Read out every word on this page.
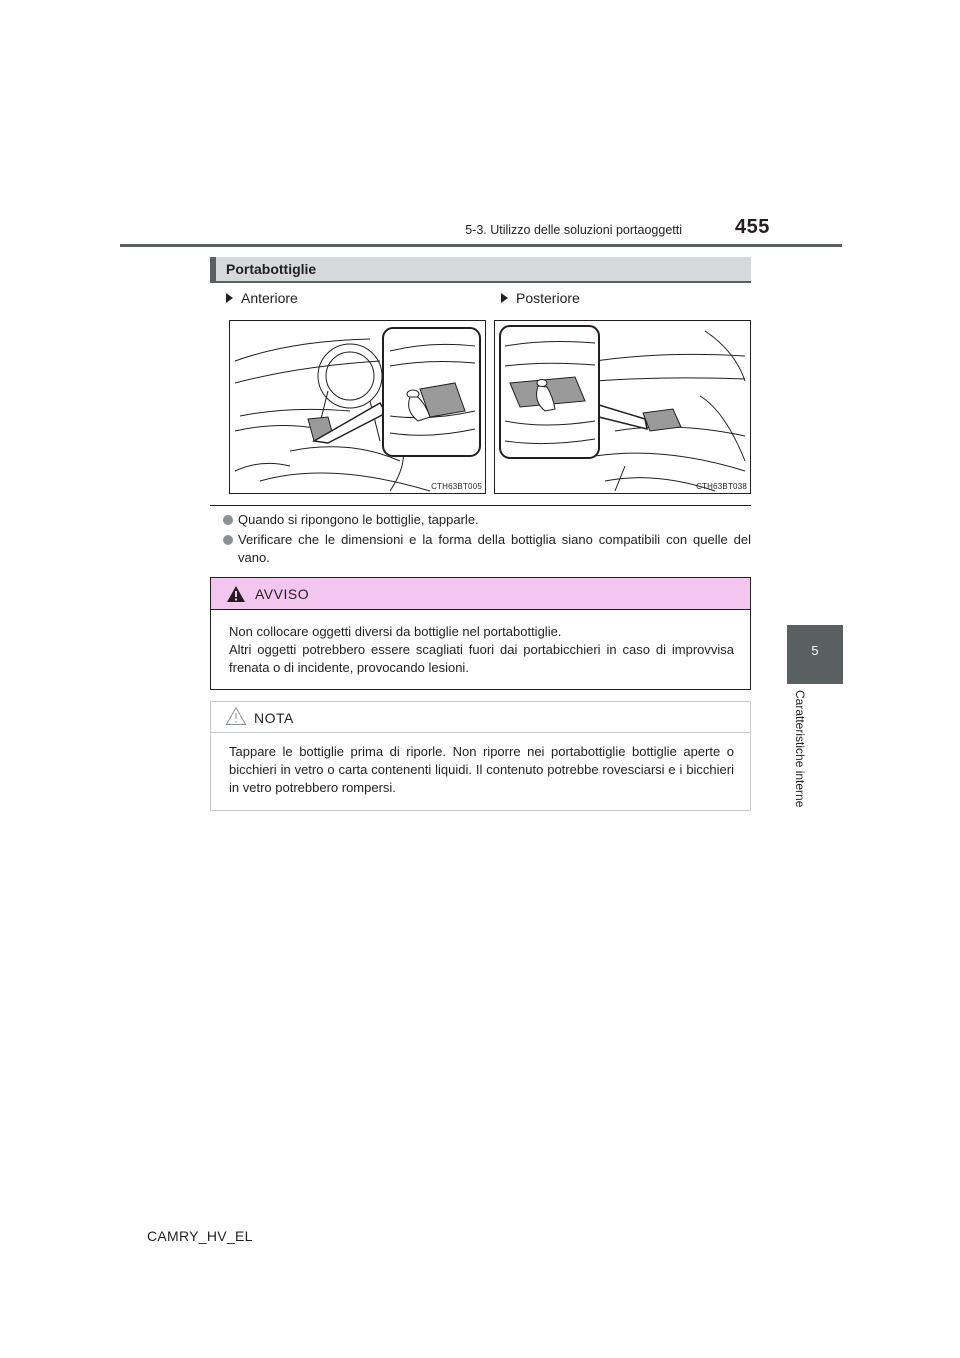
5-3. Utilizzo delle soluzioni portaoggetti	455
5
Caratteristiche interne
Portabottiglie
Anteriore	Posteriore
CTH63BT005	CTH63BT038
Quando si ripongono le bottiglie, tapparle.
Verificare che le dimensioni e la forma della bottiglia siano compatibili con quelle del vano.
AVVISO
Non collocare oggetti diversi da bottiglie nel portabottiglie.
Altri oggetti potrebbero essere scagliati fuori dai portabicchieri in caso di improvvisa frenata o di incidente, provocando lesioni.
NOTA
Tappare le bottiglie prima di riporle. Non riporre nei portabottiglie bottiglie aperte o bicchieri in vetro o carta contenenti liquidi. Il contenuto potrebbe rovesciarsi e i bicchieri in vetro potrebbero rompersi.
CAMRY_HV_EL
